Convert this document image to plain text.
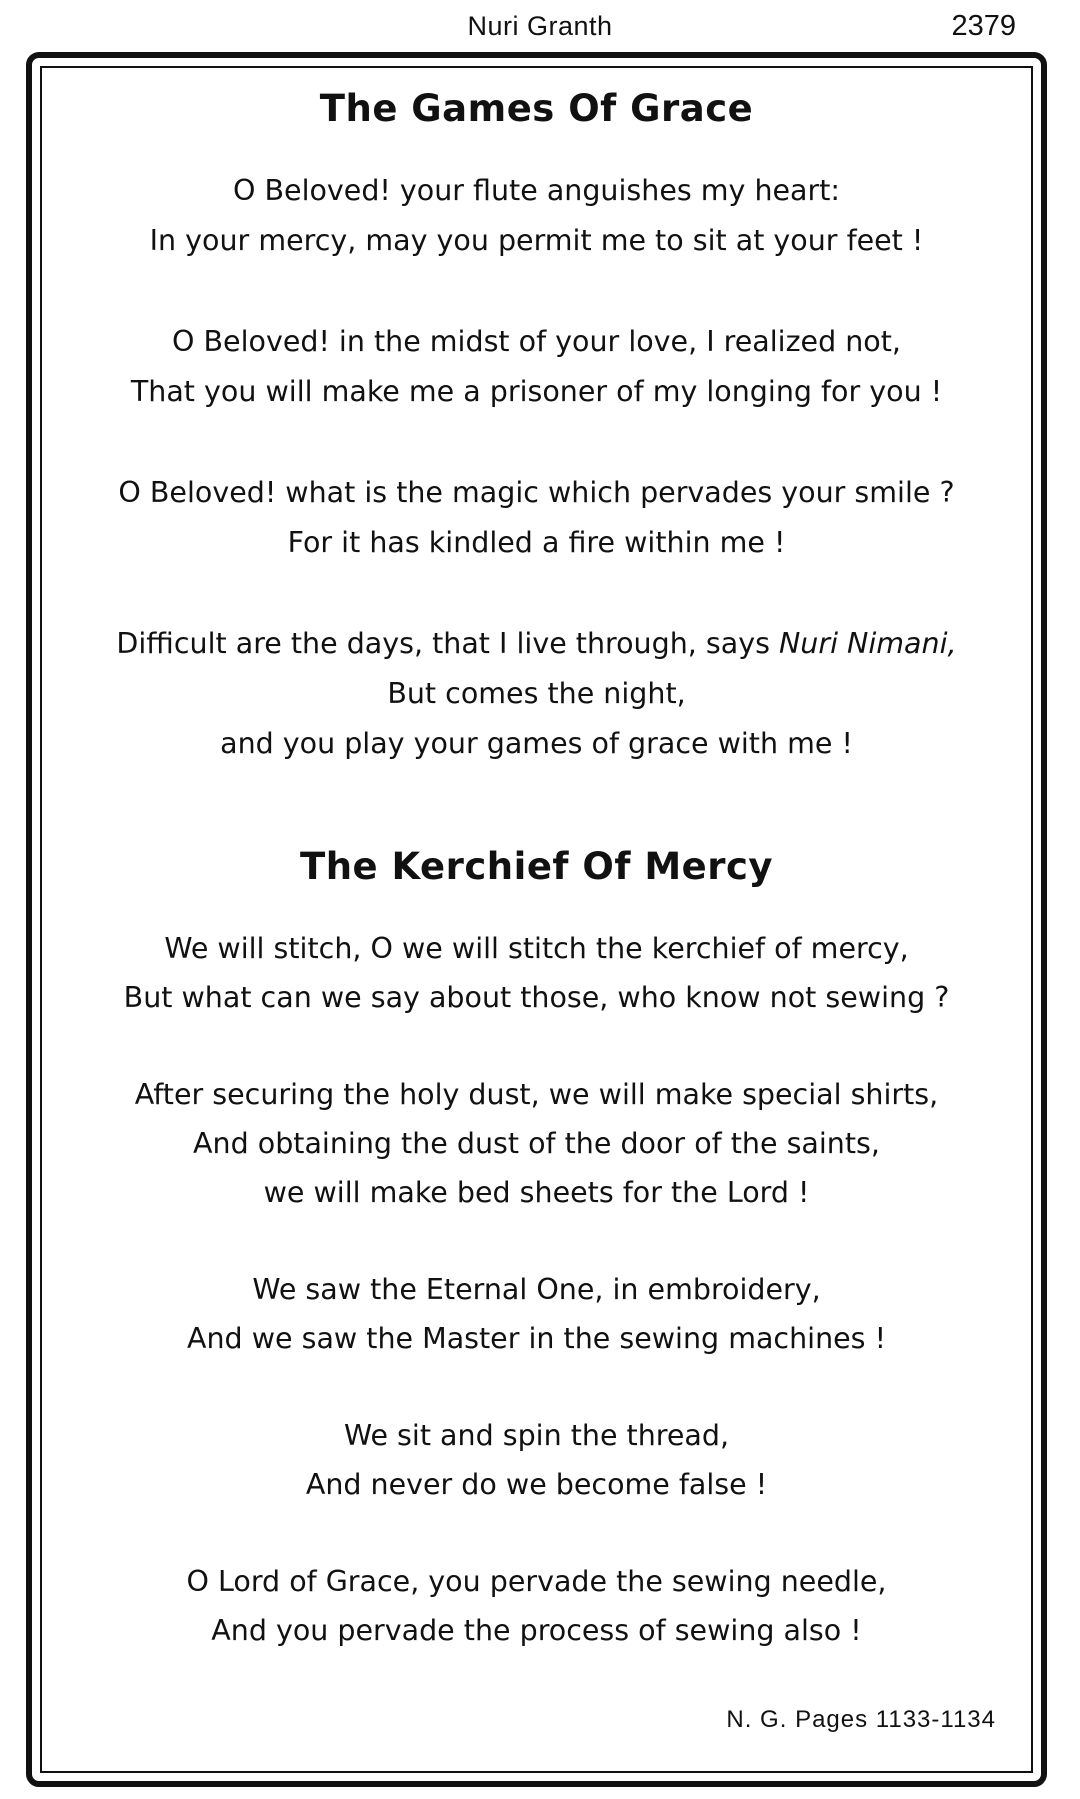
Nuri Granth	2379
The Games Of Grace

O Beloved! your flute anguishes my heart:
In your mercy, may you permit me to sit at your feet !

O Beloved! in the midst of your love, I realized not,
That you will make me a prisoner of my longing for you !

O Beloved! what is the magic which pervades your smile ?
For it has kindled a fire within me !

Difficult are the days, that I live through, says Nuri Nimani,
But comes the night,
and you play your games of grace with me !

The Kerchief Of Mercy

We will stitch, O we will stitch the kerchief of mercy,
But what can we say about those, who know not sewing ?

After securing the holy dust, we will make special shirts,
And obtaining the dust of the door of the saints,
we will make bed sheets for the Lord !

We saw the Eternal One, in embroidery,
And we saw the Master in the sewing machines !

We sit and spin the thread,
And never do we become false !

O Lord of Grace, you pervade the sewing needle,
And you pervade the process of sewing also !

N. G. Pages 1133-1134
